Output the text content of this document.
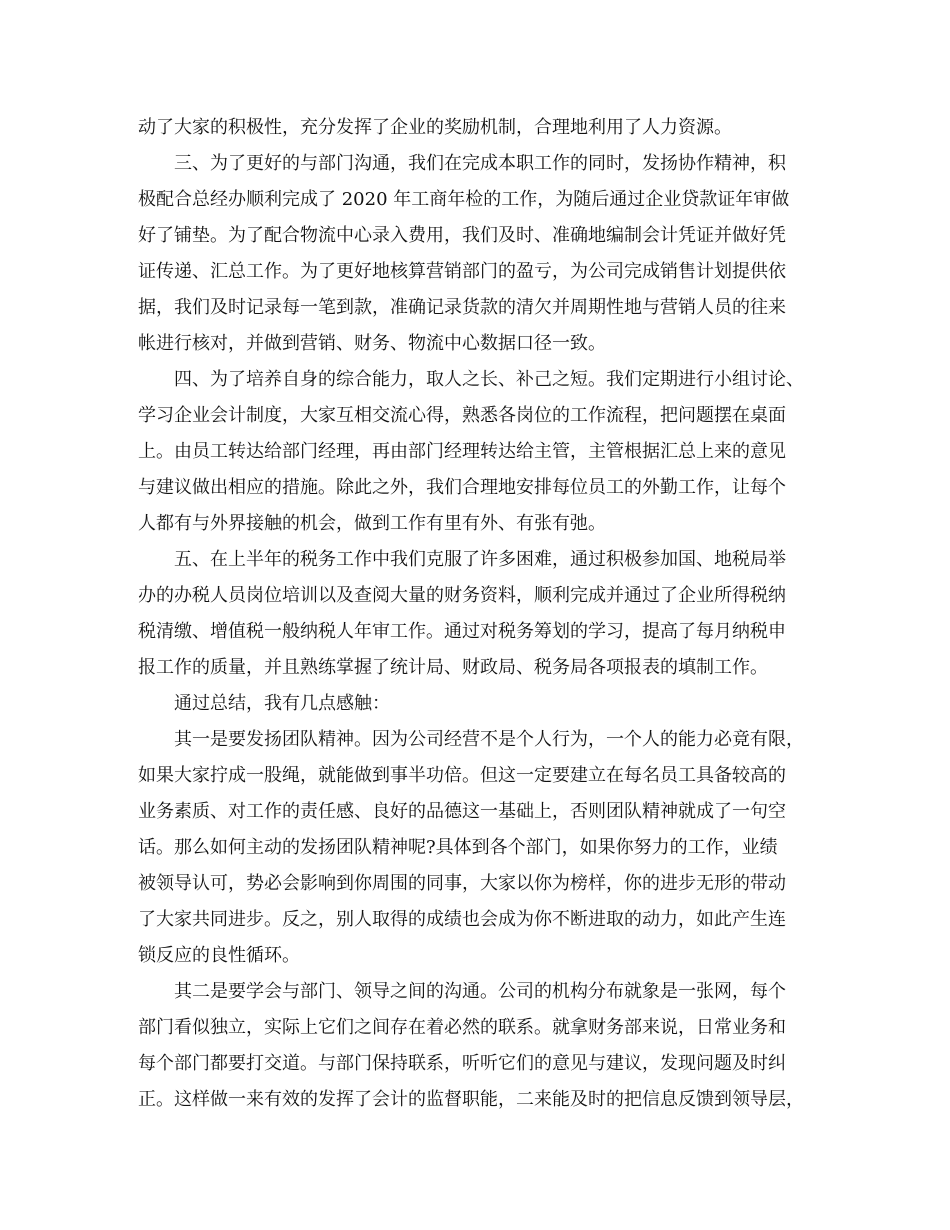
动了大家的积极性，充分发挥了企业的奖励机制，合理地利用了人力资源。
三、为了更好的与部门沟通，我们在完成本职工作的同时，发扬协作精神，积
极配合总经办顺利完成了 2020 年工商年检的工作，为随后通过企业贷款证年审做
好了铺垫。为了配合物流中心录入费用，我们及时、准确地编制会计凭证并做好凭
证传递、汇总工作。为了更好地核算营销部门的盈亏，为公司完成销售计划提供依
据，我们及时记录每一笔到款，准确记录货款的清欠并周期性地与营销人员的往来
帐进行核对，并做到营销、财务、物流中心数据口径一致。
四、为了培养自身的综合能力，取人之长、补己之短。我们定期进行小组讨论、
学习企业会计制度，大家互相交流心得，熟悉各岗位的工作流程，把问题摆在桌面
上。由员工转达给部门经理，再由部门经理转达给主管，主管根据汇总上来的意见
与建议做出相应的措施。除此之外，我们合理地安排每位员工的外勤工作，让每个
人都有与外界接触的机会，做到工作有里有外、有张有弛。
五、在上半年的税务工作中我们克服了许多困难，通过积极参加国、地税局举
办的办税人员岗位培训以及查阅大量的财务资料，顺利完成并通过了企业所得税纳
税清缴、增值税一般纳税人年审工作。通过对税务筹划的学习，提高了每月纳税申
报工作的质量，并且熟练掌握了统计局、财政局、税务局各项报表的填制工作。
通过总结，我有几点感触：
其一是要发扬团队精神。因为公司经营不是个人行为，一个人的能力必竟有限，
如果大家拧成一股绳，就能做到事半功倍。但这一定要建立在每名员工具备较高的
业务素质、对工作的责任感、良好的品德这一基础上，否则团队精神就成了一句空
话。那么如何主动的发扬团队精神呢?具体到各个部门，如果你努力的工作，业绩
被领导认可，势必会影响到你周围的同事，大家以你为榜样，你的进步无形的带动
了大家共同进步。反之，别人取得的成绩也会成为你不断进取的动力，如此产生连
锁反应的良性循环。
其二是要学会与部门、领导之间的沟通。公司的机构分布就象是一张网，每个
部门看似独立，实际上它们之间存在着必然的联系。就拿财务部来说，日常业务和
每个部门都要打交道。与部门保持联系，听听它们的意见与建议，发现问题及时纠
正。这样做一来有效的发挥了会计的监督职能，二来能及时的把信息反馈到领导层，
